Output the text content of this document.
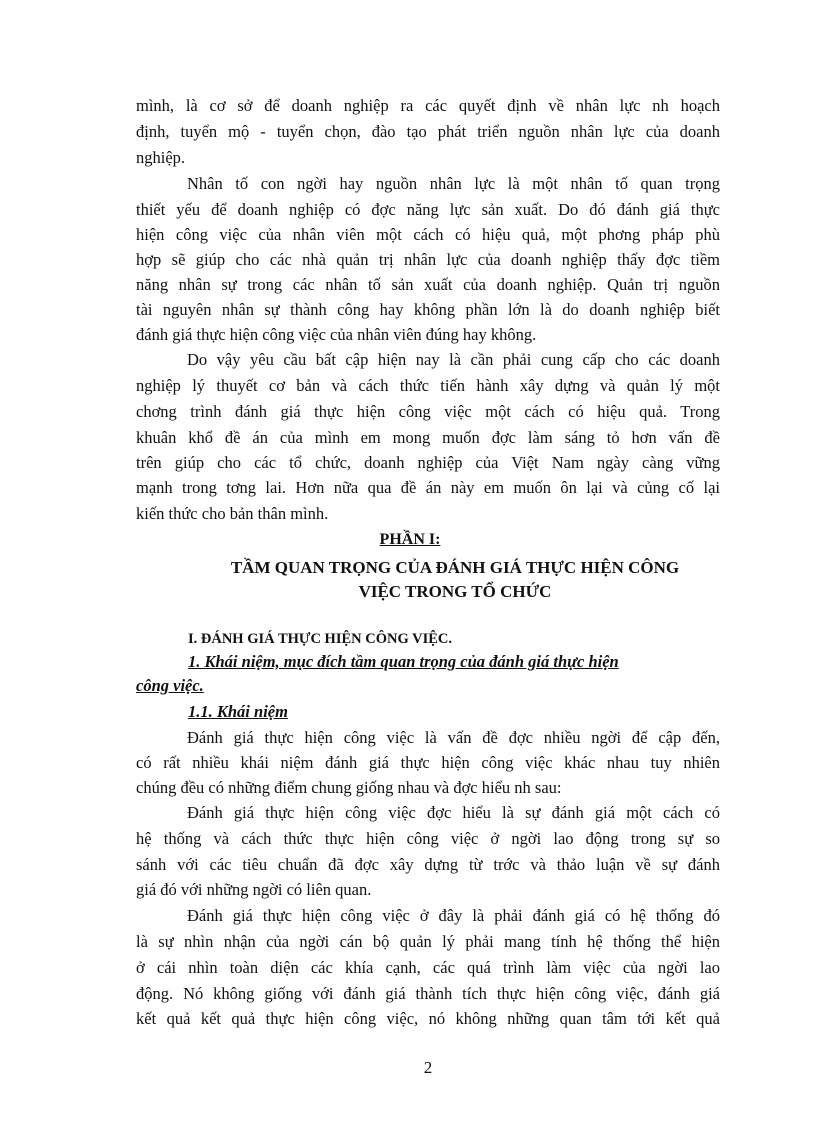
mình, là cơ sở để doanh nghiệp ra các quyết định về nhân lực nh hoạch
định, tuyển mộ - tuyển chọn, đào tạo phát triển nguồn nhân lực của doanh
nghiệp.
Nhân tố con ngời hay nguồn nhân lực là một nhân tố quan trọng
thiết yếu để doanh nghiệp có đợc năng lực sản xuất. Do đó đánh giá thực
hiện công việc của nhân viên một cách có hiệu quả, một phơng pháp phù
hợp sẽ giúp cho các nhà quản trị nhân lực của doanh nghiệp thấy đợc tiềm
năng nhân sự trong các nhân tố sản xuất của doanh nghiệp. Quản trị nguồn
tài nguyên nhân sự thành công hay không phần lớn là do doanh nghiệp biết
đánh giá thực hiện công việc của nhân viên đúng hay không.
Do vậy yêu cầu bất cập hiện nay là cần phải cung cấp cho các doanh
nghiệp lý thuyết cơ bản và cách thức tiến hành xây dựng và quản lý một
chơng trình đánh giá thực hiện công việc một cách có hiệu quả. Trong
khuân khổ đề án của mình em mong muốn đợc làm sáng tỏ hơn vấn đề
trên giúp cho các tổ chức, doanh nghiệp của Việt Nam ngày càng vững
mạnh trong tơng lai. Hơn nữa qua đề án này em muốn ôn lại và củng cố lại
kiến thức cho bản thân mình.
PHẦN I:
TẦM QUAN TRỌNG CỦA ĐÁNH GIÁ THỰC HIỆN CÔNG
VIỆC TRONG TỔ CHỨC
I. ĐÁNH GIÁ THỰC HIỆN CÔNG VIỆC.
1. Khái niệm, mục đích tầm quan trọng của đánh giá thực hiện
công việc.
1.1. Khái niệm
Đánh giá thực hiện công việc là vấn đề đợc nhiều ngời để cập đến,
có rất nhiều khái niệm đánh giá thực hiện công việc khác nhau tuy nhiên
chúng đều có những điểm chung giống nhau và đợc hiểu nh sau:
Đánh giá thực hiện công việc đợc hiểu là sự đánh giá một cách có
hệ thống và cách thức thực hiện công việc ở ngời lao động trong sự so
sánh với các tiêu chuẩn đã đợc xây dựng từ trớc và thảo luận về sự đánh
giá đó với những ngời có liên quan.
Đánh giá thực hiện công việc ở đây là phải đánh giá có hệ thống đó
là sự nhìn nhận của ngời cán bộ quản lý phải mang tính hệ thống thể hiện
ở cái nhìn toàn diện các khía cạnh, các quá trình làm việc của ngời lao
động. Nó không giống với đánh giá thành tích thực hiện công việc, đánh giá
kết quả kết quả thực hiện công việc, nó không những quan tâm tới kết quả
2
